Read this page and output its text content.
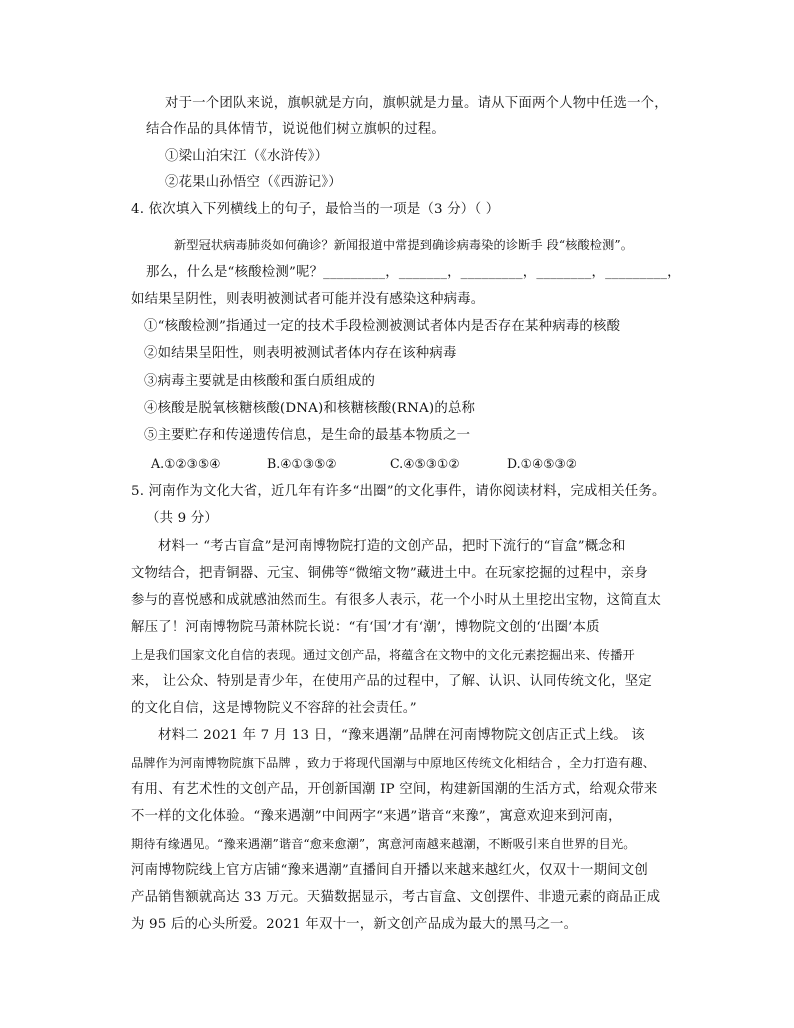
对于一个团队来说，旗帜就是方向，旗帜就是力量。请从下面两个人物中任选一个，
结合作品的具体情节，说说他们树立旗帜的过程。
①梁山泊宋江（《水浒传》）
②花果山孙悟空（《西游记》）
4. 依次填入下列横线上的句子，最恰当的一项是（3 分）（ ）
新型冠状病毒肺炎如何确诊？新闻报道中常提到确诊病毒染的诊断手 段“核酸检测”。
那么，什么是“核酸检测”呢？_________，_______，_________，________，_________，
如结果呈阴性，则表明被测试者可能并没有感染这种病毒。
①“核酸检测”指通过一定的技术手段检测被测试者体内是否存在某种病毒的核酸
②如结果呈阳性，则表明被测试者体内存在该种病毒
③病毒主要就是由核酸和蛋白质组成的
④核酸是脱氧核糖核酸(DNA)和核糖核酸(RNA)的总称
⑤主要贮存和传递遗传信息，是生命的最基本物质之一
A.①②③⑤④	B.④①③⑤②	C.④⑤③①②	D.①④⑤③②
5. 河南作为文化大省，近几年有许多“出圈”的文化事件，请你阅读材料，完成相关任务。
（共 9 分）
材料一 “考古盲盒”是河南博物院打造的文创产品，把时下流行的“盲盒”概念和
文物结合，把青铜器、元宝、铜佛等“微缩文物”藏进土中。在玩家挖掘的过程中，亲身
参与的喜悦感和成就感油然而生。有很多人表示，花一个小时从土里挖出宝物，这简直太
解压了！河南博物院马萧林院长说：“有‘国’才有‘潮’，博物院文创的‘出圈’本质
上是我们国家文化自信的表现。通过文创产品，将蕴含在文物中的文化元素挖掘出来、传播开
来， 让公众、特别是青少年，在使用产品的过程中，了解、认识、认同传统文化，坚定
的文化自信，这是博物院义不容辞的社会责任。”
材料二 2021 年 7 月 13 日，“豫来遇潮”品牌在河南博物院文创店正式上线。 该
品牌作为河南博物院旗下品牌 ，致力于将现代国潮与中原地区传统文化相结合 ，全力打造有趣、
有用、有艺术性的文创产品，开创新国潮 IP 空间，构建新国潮的生活方式，给观众带来
不一样的文化体验。“豫来遇潮”中间两字“来遇”谐音“来豫”，寓意欢迎来到河南，
期待有缘遇见。“豫来遇潮”谐音“愈来愈潮”，寓意河南越来越潮，不断吸引来自世界的目光。
河南博物院线上官方店铺“豫来遇潮”直播间自开播以来越来越红火，仅双十一期间文创
产品销售额就高达 33 万元。天猫数据显示，考古盲盒、文创摆件、非遗元素的商品正成
为 95 后的心头所爱。2021 年双十一，新文创产品成为最大的黑马之一。
